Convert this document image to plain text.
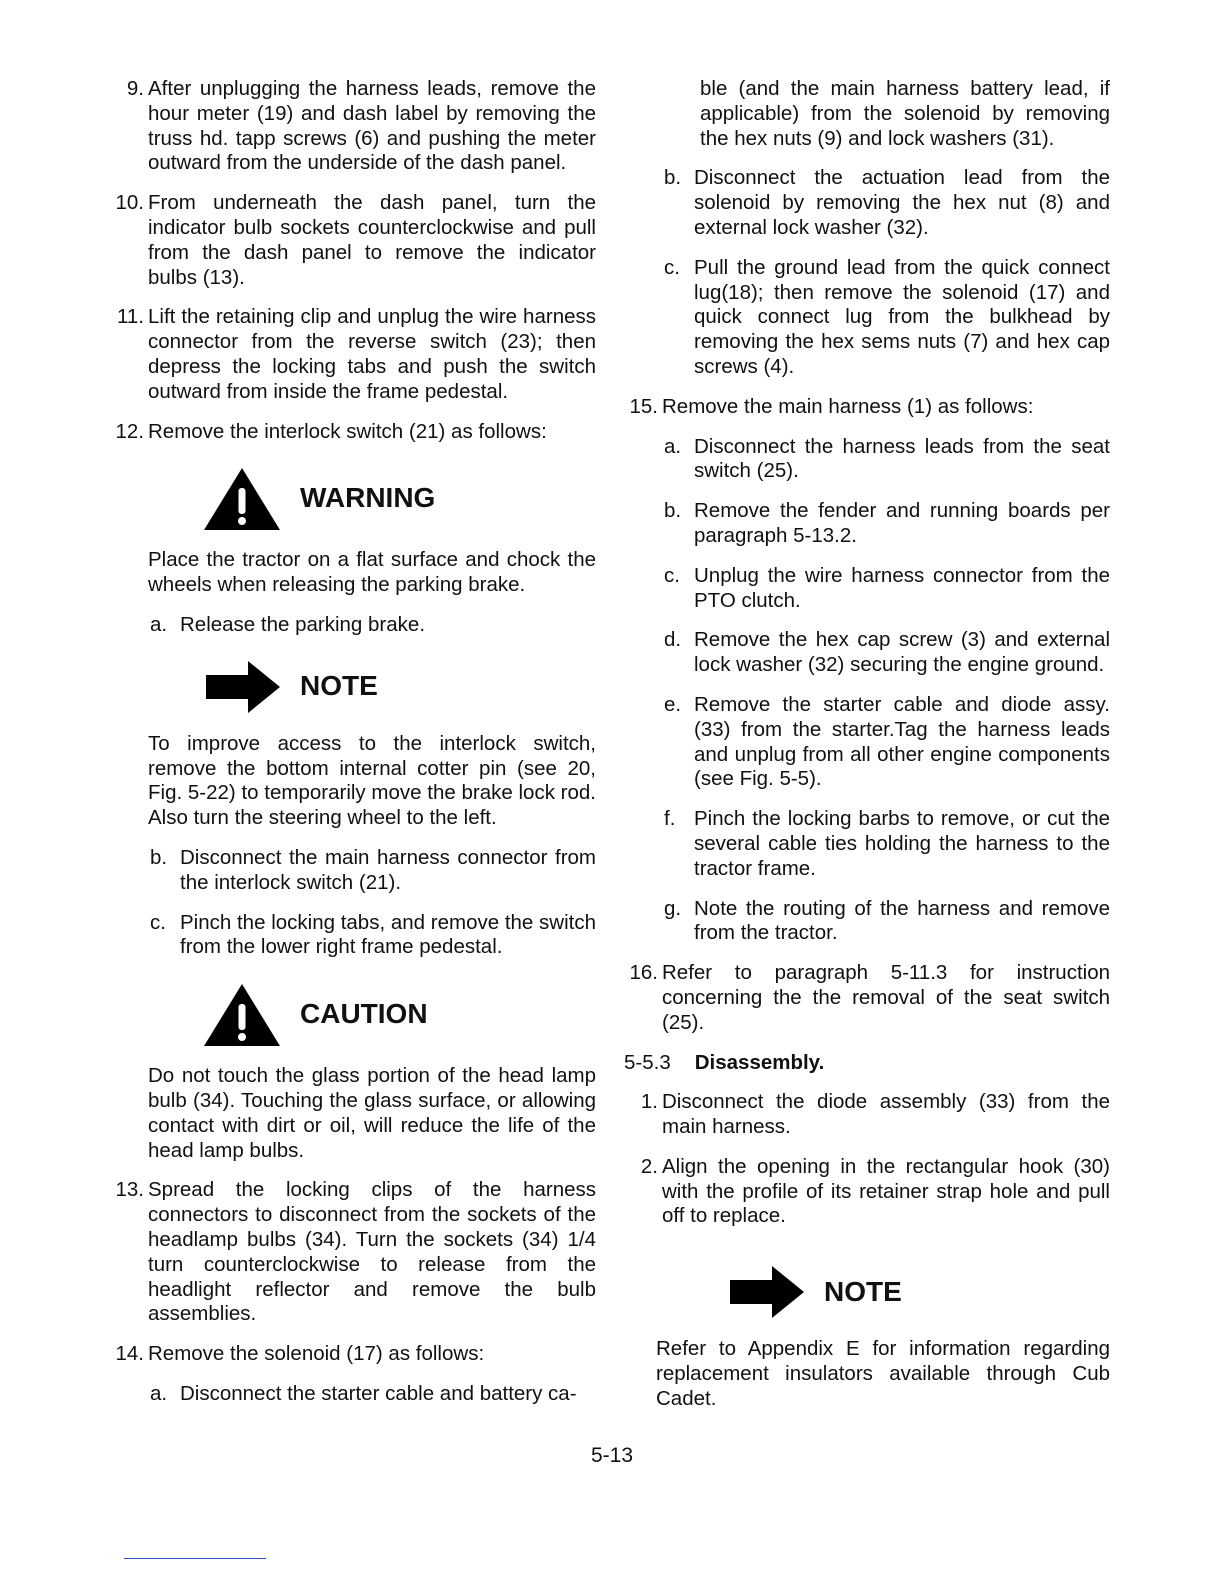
9. After unplugging the harness leads, remove the hour meter (19) and dash label by removing the truss hd. tapp screws (6) and pushing the meter outward from the underside of the dash panel.
10. From underneath the dash panel, turn the indicator bulb sockets counterclockwise and pull from the dash panel to remove the indicator bulbs (13).
11. Lift the retaining clip and unplug the wire harness connector from the reverse switch (23); then depress the locking tabs and push the switch outward from inside the frame pedestal.
12. Remove the interlock switch (21) as follows:
WARNING
Place the tractor on a flat surface and chock the wheels when releasing the parking brake.
a. Release the parking brake.
NOTE
To improve access to the interlock switch, remove the bottom internal cotter pin (see 20, Fig. 5-22) to temporarily move the brake lock rod. Also turn the steering wheel to the left.
b. Disconnect the main harness connector from the interlock switch (21).
c. Pinch the locking tabs, and remove the switch from the lower right frame pedestal.
CAUTION
Do not touch the glass portion of the head lamp bulb (34). Touching the glass surface, or allowing contact with dirt or oil, will reduce the life of the head lamp bulbs.
13. Spread the locking clips of the harness connectors to disconnect from the sockets of the headlamp bulbs (34). Turn the sockets (34) 1/4 turn counterclockwise to release from the headlight reflector and remove the bulb assemblies.
14. Remove the solenoid (17) as follows:
a. Disconnect the starter cable and battery ca-
ble (and the main harness battery lead, if applicable) from the solenoid by removing the hex nuts (9) and lock washers (31).
b. Disconnect the actuation lead from the solenoid by removing the hex nut (8) and external lock washer (32).
c. Pull the ground lead from the quick connect lug(18); then remove the solenoid (17) and quick connect lug from the bulkhead by removing the hex sems nuts (7) and hex cap screws (4).
15. Remove the main harness (1) as follows:
a. Disconnect the harness leads from the seat switch (25).
b. Remove the fender and running boards per paragraph 5-13.2.
c. Unplug the wire harness connector from the PTO clutch.
d. Remove the hex cap screw (3) and external lock washer (32) securing the engine ground.
e. Remove the starter cable and diode assy. (33) from the starter.Tag the harness leads and unplug from all other engine components (see Fig. 5-5).
f. Pinch the locking barbs to remove, or cut the several cable ties holding the harness to the tractor frame.
g. Note the routing of the harness and remove from the tractor.
16. Refer to paragraph 5-11.3 for instruction concerning the the removal of the seat switch (25).
5-5.3 Disassembly.
1. Disconnect the diode assembly (33) from the main harness.
2. Align the opening in the rectangular hook (30) with the profile of its retainer strap hole and pull off to replace.
NOTE
Refer to Appendix E for information regarding replacement insulators available through Cub Cadet.
5-13
